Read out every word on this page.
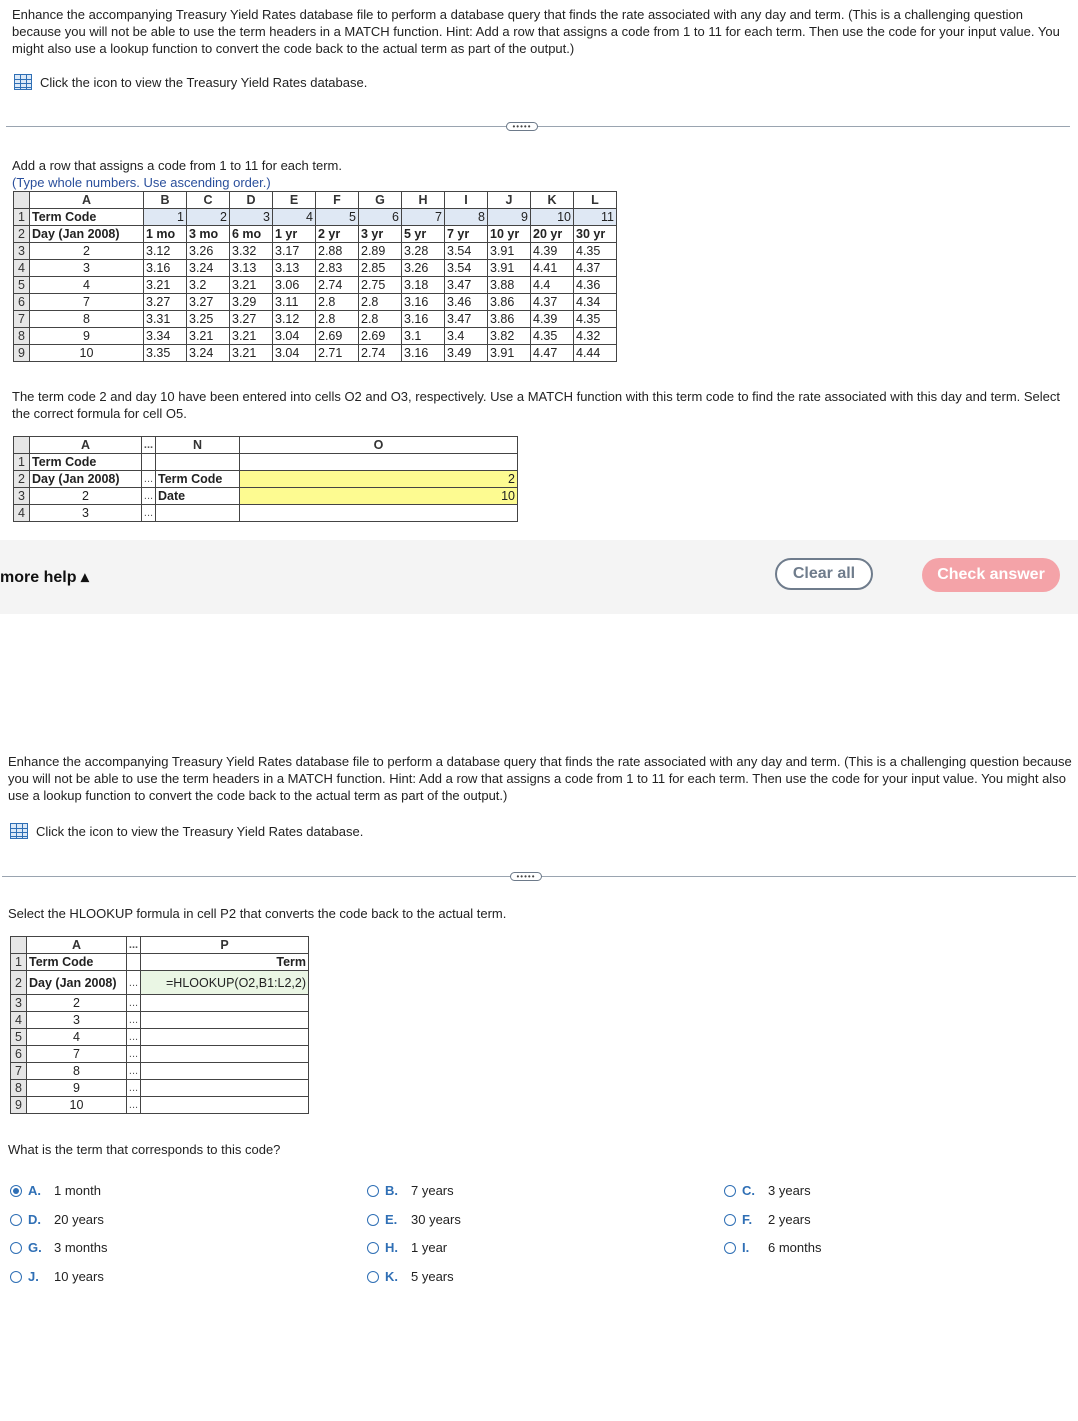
Enhance the accompanying Treasury Yield Rates database file to perform a database query that finds the rate associated with any day and term. (This is a challenging question because you will not be able to use the term headers in a MATCH function. Hint: Add a row that assigns a code from 1 to 11 for each term. Then use the code for your input value. You might also use a lookup function to convert the code back to the actual term as part of the output.)
Click the icon to view the Treasury Yield Rates database.
•••••
Add a row that assigns a code from 1 to 11 for each term.
(Type whole numbers. Use ascending order.)
	A	B	C	D	E	F	G	H	I	J	K	L
1	Term Code	1	2	3	4	5	6	7	8	9	10	11
2	Day (Jan 2008)	1 mo	3 mo	6 mo	1 yr	2 yr	3 yr	5 yr	7 yr	10 yr	20 yr	30 yr
3	2	3.12	3.26	3.32	3.17	2.88	2.89	3.28	3.54	3.91	4.39	4.35
4	3	3.16	3.24	3.13	3.13	2.83	2.85	3.26	3.54	3.91	4.41	4.37
5	4	3.21	3.2	3.21	3.06	2.74	2.75	3.18	3.47	3.88	4.4	4.36
6	7	3.27	3.27	3.29	3.11	2.8	2.8	3.16	3.46	3.86	4.37	4.34
7	8	3.31	3.25	3.27	3.12	2.8	2.8	3.16	3.47	3.86	4.39	4.35
8	9	3.34	3.21	3.21	3.04	2.69	2.69	3.1	3.4	3.82	4.35	4.32
9	10	3.35	3.24	3.21	3.04	2.71	2.74	3.16	3.49	3.91	4.47	4.44
The term code 2 and day 10 have been entered into cells O2 and O3, respectively. Use a MATCH function with this term code to find the rate associated with this day and term. Select the correct formula for cell O5.
	A	...	N	O
1	Term Code			
2	Day (Jan 2008)	...	Term Code	2
3	2	...	Date	10
4	3	...		
more help ▴	Clear all	Check answer
Enhance the accompanying Treasury Yield Rates database file to perform a database query that finds the rate associated with any day and term. (This is a challenging question because you will not be able to use the term headers in a MATCH function. Hint: Add a row that assigns a code from 1 to 11 for each term. Then use the code for your input value. You might also use a lookup function to convert the code back to the actual term as part of the output.)
Click the icon to view the Treasury Yield Rates database.
•••••
Select the HLOOKUP formula in cell P2 that converts the code back to the actual term.
	A	...	P
1	Term Code		Term
2	Day (Jan 2008)	...	=HLOOKUP(O2,B1:L2,2)
3	2	...	
4	3	...	
5	4	...	
6	7	...	
7	8	...	
8	9	...	
9	10	...	
What is the term that corresponds to this code?
A.	1 month	B.	7 years	C.	3 years
D.	20 years	E.	30 years	F.	2 years
G. 3 months	H.	1 year	I.	6 months
J.	10 years	K.	5 years
